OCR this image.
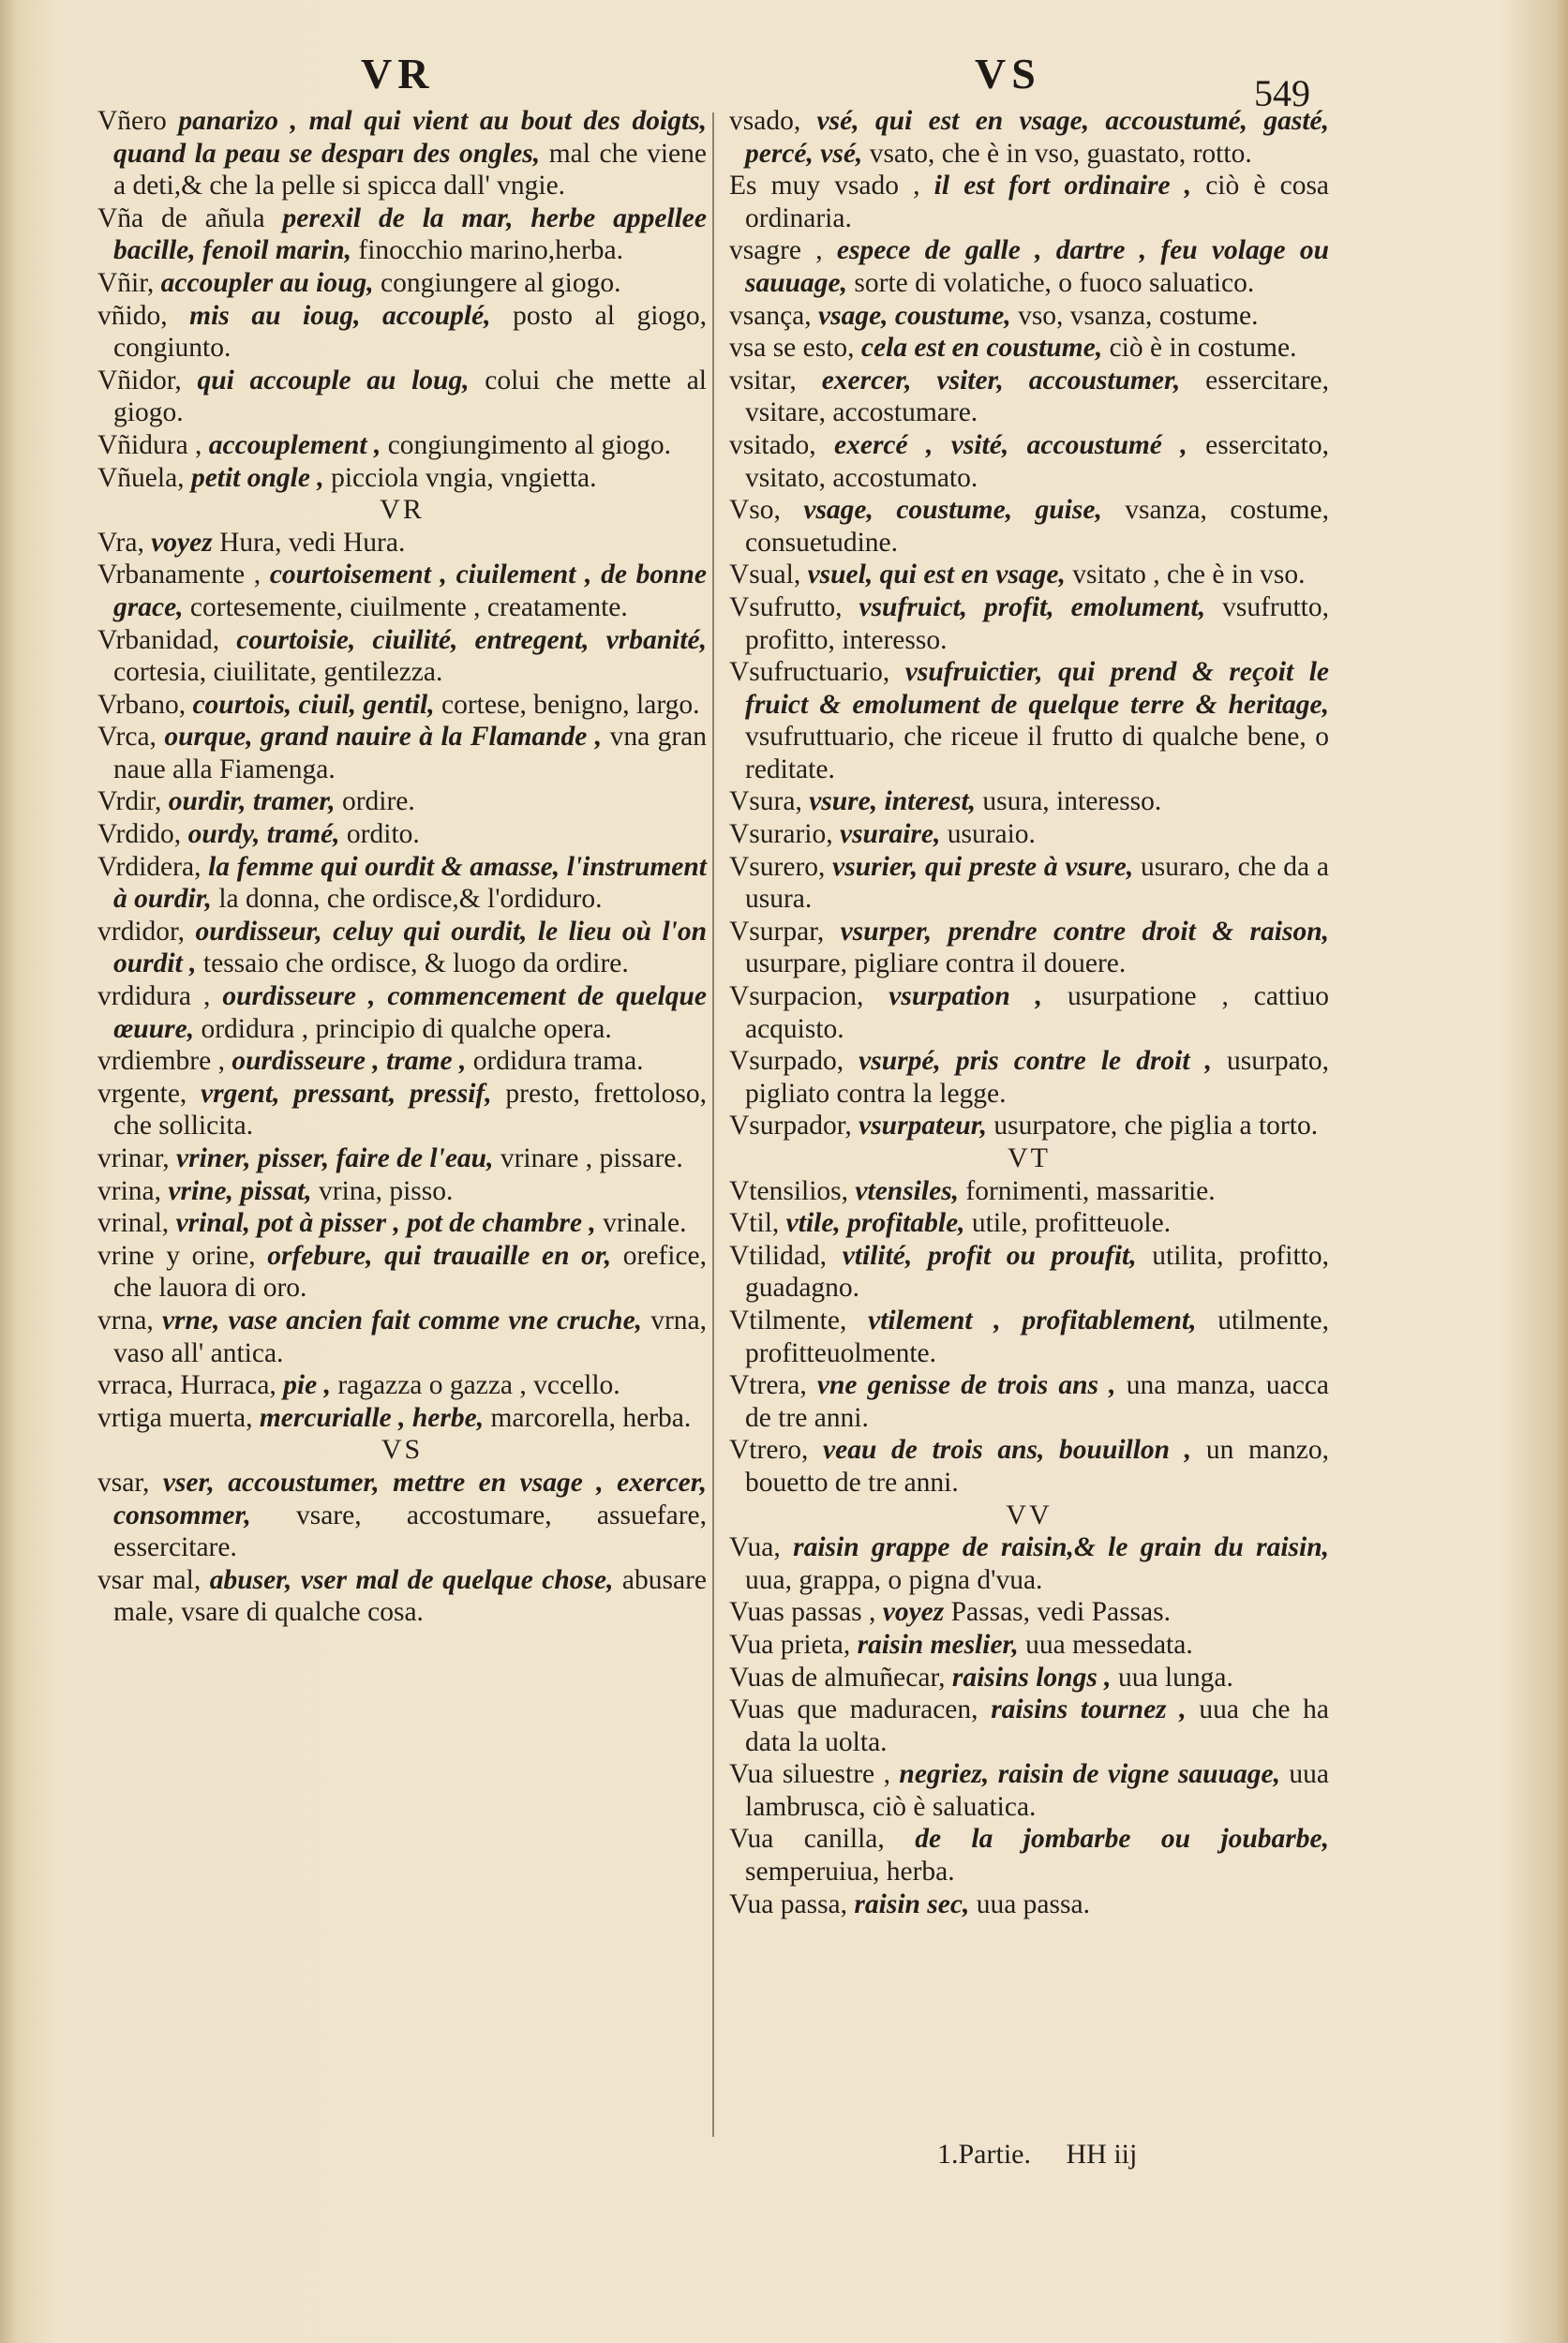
VR	VS	549
Vñero panarizo , mal qui vient au bout des doigts, quand la peau se desparı des ongles, mal che viene a deti,& che la pelle si spicca dall' vngie.
Vña de añula perexil de la mar, herbe appellee bacille, fenoil marin, finocchio marino,herba.
Vñir, accoupler au ioug, congiungere al giogo.
vñido, mis au ioug, accouplé, posto al giogo, congiunto.
Vñidor, qui accouple au loug, colui che mette al giogo.
Vñidura , accouplement , congiungimento al giogo.
Vñuela, petit ongle , picciola vngia, vngietta.
VR
Vra, voyez Hura, vedi Hura.
Vrbanamente , courtoisement , ciuilement , de bonne grace, cortesemente, ciuilmente , creatamente.
Vrbanidad, courtoisie, ciuilité, entregent, vrbanité, cortesia, ciuilitate, gentilezza.
Vrbano, courtois, ciuil, gentil, cortese, benigno, largo.
Vrca, ourque, grand nauire à la Flamande , vna gran naue alla Fiamenga.
Vrdir, ourdir, tramer, ordire.
Vrdido, ourdy, tramé, ordito.
Vrdidera, la femme qui ourdit & amasse, l'instrument à ourdir, la donna, che ordisce,& l'ordiduro.
vrdidor, ourdisseur, celuy qui ourdit, le lieu où l'on ourdit , tessaio che ordisce, & luogo da ordire.
vrdidura , ourdisseure , commencement de quelque œuure, ordidura , principio di qualche opera.
vrdiembre , ourdisseure , trame , ordidura trama.
vrgente, vrgent, pressant, pressif, presto, frettoloso, che sollicita.
vrinar, vriner, pisser, faire de l'eau, vrinare , pissare.
vrina, vrine, pissat, vrina, pisso.
vrinal, vrinal, pot à pisser , pot de chambre , vrinale.
vrine y orine, orfebure, qui trauaille en or, orefice, che lauora di oro.
vrna, vrne, vase ancien fait comme vne cruche, vrna, vaso all' antica.
vrraca, Hurraca, pie , ragazza o gazza , vccello.
vrtiga muerta, mercurialle , herbe, marcorella, herba.
VS
vsar, vser, accoustumer, mettre en vsage , exercer, consommer, vsare, accostumare, assuefare, essercitare.
vsar mal, abuser, vser mal de quelque chose, abusare male, vsare di qualche cosa.
vsado, vsé, qui est en vsage, accoustumé, gasté, percé, vsé, vsato, che è in vso, guastato, rotto.
Es muy vsado , il est fort ordinaire , ciò è cosa ordinaria.
vsagre , espece de galle , dartre , feu volage ou sauuage, sorte di volatiche, o fuoco saluatico.
vsança, vsage, coustume, vso, vsanza, costume.
vsa se esto, cela est en coustume, ciò è in costume.
vsitar, exercer, vsiter, accoustumer, essercitare, vsitare, accostumare.
vsitado, exercé , vsité, accoustumé , essercitato, vsitato, accostumato.
Vso, vsage, coustume, guise, vsanza, costume, consuetudine.
Vsual, vsuel, qui est en vsage, vsitato , che è in vso.
Vsufrutto, vsufruict, profit, emolument, vsufrutto, profitto, interesso.
Vsufructuario, vsufruictier, qui prend & reçoit le fruict & emolument de quelque terre & heritage, vsufruttuario, che riceue il frutto di qualche bene, o reditate.
Vsura, vsure, interest, usura, interesso.
Vsurario, vsuraire, usuraio.
Vsurero, vsurier, qui preste à vsure, usuraro, che da a usura.
Vsurpar, vsurper, prendre contre droit & raison, usurpare, pigliare contra il douere.
Vsurpacion, vsurpation , usurpatione , cattiuo acquisto.
Vsurpado, vsurpé, pris contre le droit , usurpato, pigliato contra la legge.
Vsurpador, vsurpateur, usurpatore, che piglia a torto.
VT
Vtensilios, vtensiles, fornimenti, massaritie.
Vtil, vtile, profitable, utile, profitteuole.
Vtilidad, vtilité, profit ou proufit, utilita, profitto, guadagno.
Vtilmente, vtilement , profitablement, utilmente, profitteuolmente.
Vtrera, vne genisse de trois ans , una manza, uacca de tre anni.
Vtrero, veau de trois ans, bouuillon , un manzo, bouetto de tre anni.
VV
Vua, raisin grappe de raisin,& le grain du raisin, uua, grappa, o pigna d'vua.
Vuas passas , voyez Passas, vedi Passas.
Vua prieta, raisin meslier, uua messedata.
Vuas de almuñecar, raisins longs , uua lunga.
Vuas que maduracen, raisins tournez , uua che ha data la uolta.
Vua siluestre , negriez, raisin de vigne sauuage, uua lambrusca, ciò è saluatica.
Vua canilla, de la jombarbe ou joubarbe, semperuiua, herba.
Vua passa, raisin sec, uua passa.
1.Partie. HH iij
